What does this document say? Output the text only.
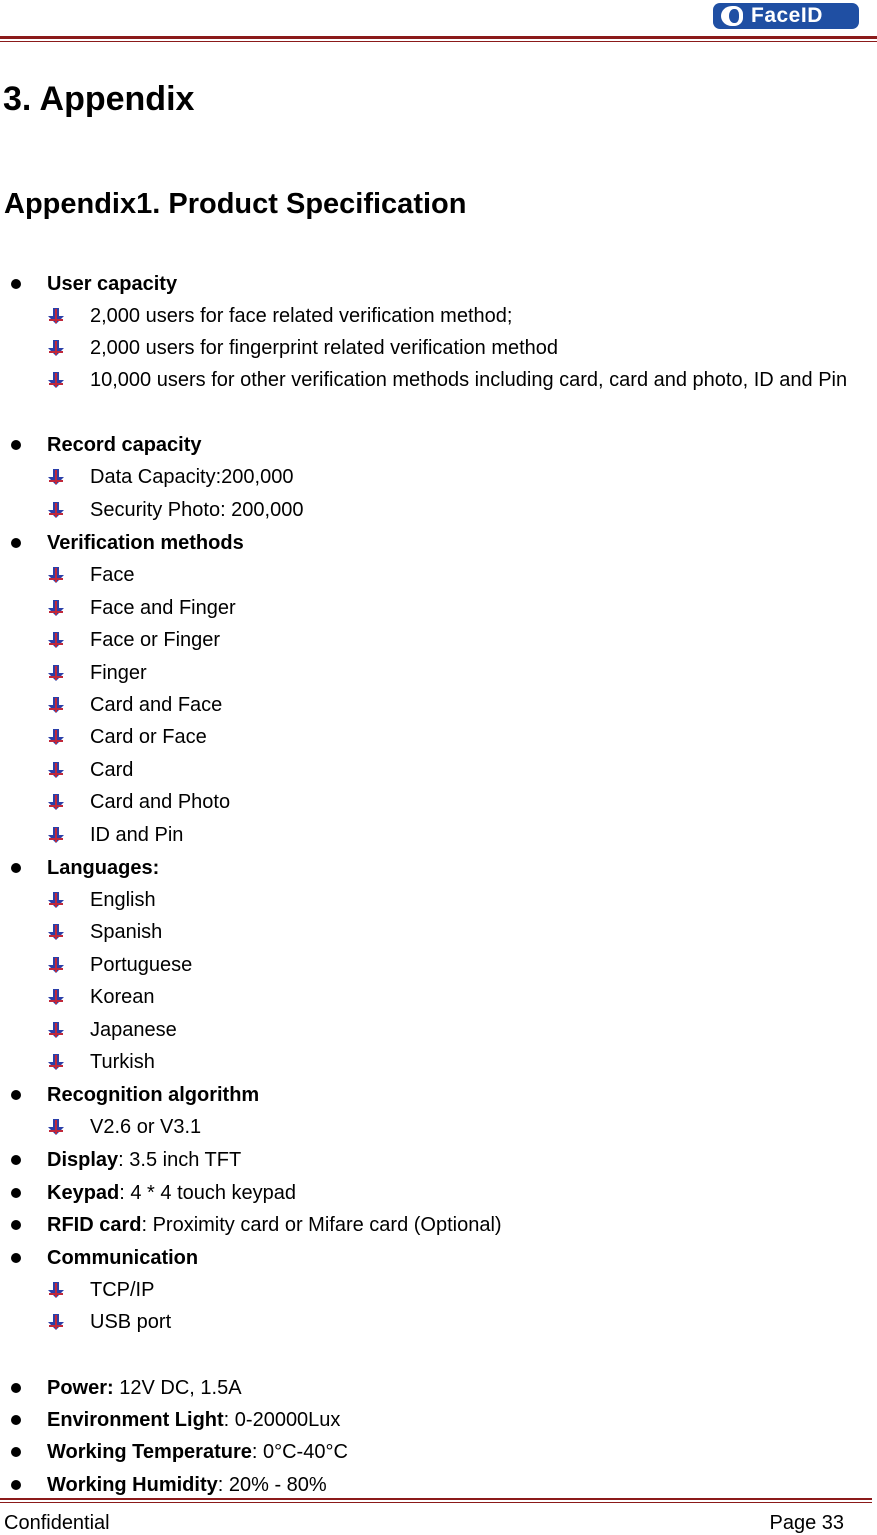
FaceID
3. Appendix
Appendix1. Product Specification
User capacity
2,000 users for face related verification method;
2,000 users for fingerprint related verification method
10,000 users for other verification methods including card, card and photo, ID and Pin
Record capacity
Data Capacity:200,000
Security Photo: 200,000
Verification methods
Face
Face and Finger
Face or Finger
Finger
Card and Face
Card or Face
Card
Card and Photo
ID and Pin
Languages:
English
Spanish
Portuguese
Korean
Japanese
Turkish
Recognition algorithm
V2.6 or V3.1
Display: 3.5 inch TFT
Keypad: 4 * 4 touch keypad
RFID card: Proximity card or Mifare card (Optional)
Communication
TCP/IP
USB port
Power: 12V DC, 1.5A
Environment Light: 0-20000Lux
Working Temperature: 0°C-40°C
Working Humidity: 20% - 80%
Confidential	Page 33
